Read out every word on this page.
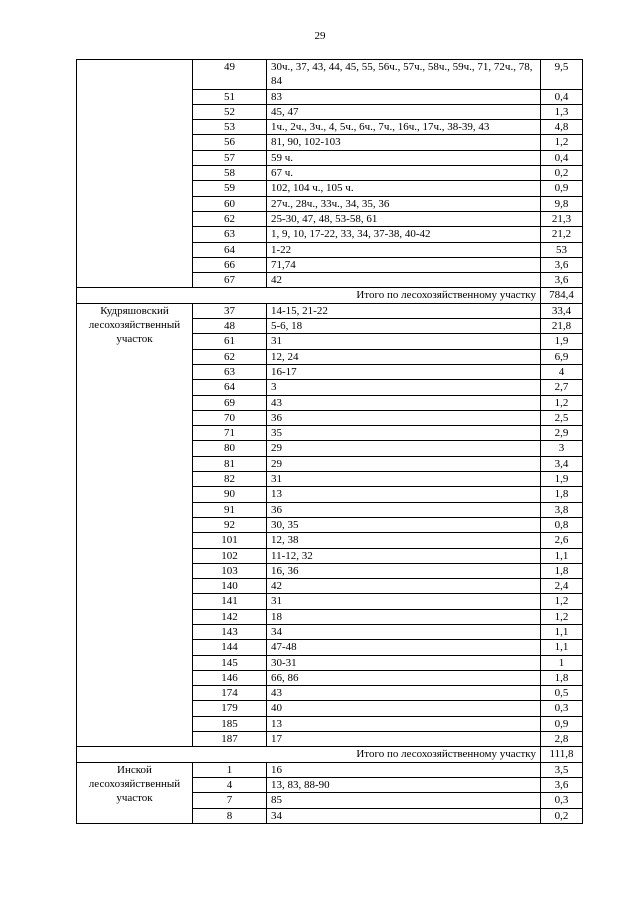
29
	49	30ч., 37, 43, 44, 45, 55, 56ч., 57ч., 58ч., 59ч., 71, 72ч., 78, 84	9,5
	51	83	0,4
	52	45, 47	1,3
	53	1ч., 2ч., 3ч., 4, 5ч., 6ч., 7ч., 16ч., 17ч., 38-39, 43	4,8
	56	81, 90, 102-103	1,2
	57	59 ч.	0,4
	58	67 ч.	0,2
	59	102, 104 ч., 105 ч.	0,9
	60	27ч., 28ч., 33ч., 34, 35, 36	9,8
	62	25-30, 47, 48, 53-58, 61	21,3
	63	1, 9, 10, 17-22, 33, 34, 37-38, 40-42	21,2
	64	1-22	53
	66	71,74	3,6
	67	42	3,6
Итого по лесохозяйственному участку			784,4
Кудряшовский лесохозяйственный участок	37	14-15, 21-22	33,4
	48	5-6, 18	21,8
	61	31	1,9
	62	12, 24	6,9
	63	16-17	4
	64	3	2,7
	69	43	1,2
	70	36	2,5
	71	35	2,9
	80	29	3
	81	29	3,4
	82	31	1,9
	90	13	1,8
	91	36	3,8
	92	30, 35	0,8
	101	12, 38	2,6
	102	11-12, 32	1,1
	103	16, 36	1,8
	140	42	2,4
	141	31	1,2
	142	18	1,2
	143	34	1,1
	144	47-48	1,1
	145	30-31	1
	146	66, 86	1,8
	174	43	0,5
	179	40	0,3
	185	13	0,9
	187	17	2,8
Итого по лесохозяйственному участку			111,8
Инской лесохозяйственный участок	1	16	3,5
	4	13, 83, 88-90	3,6
	7	85	0,3
	8	34	0,2
